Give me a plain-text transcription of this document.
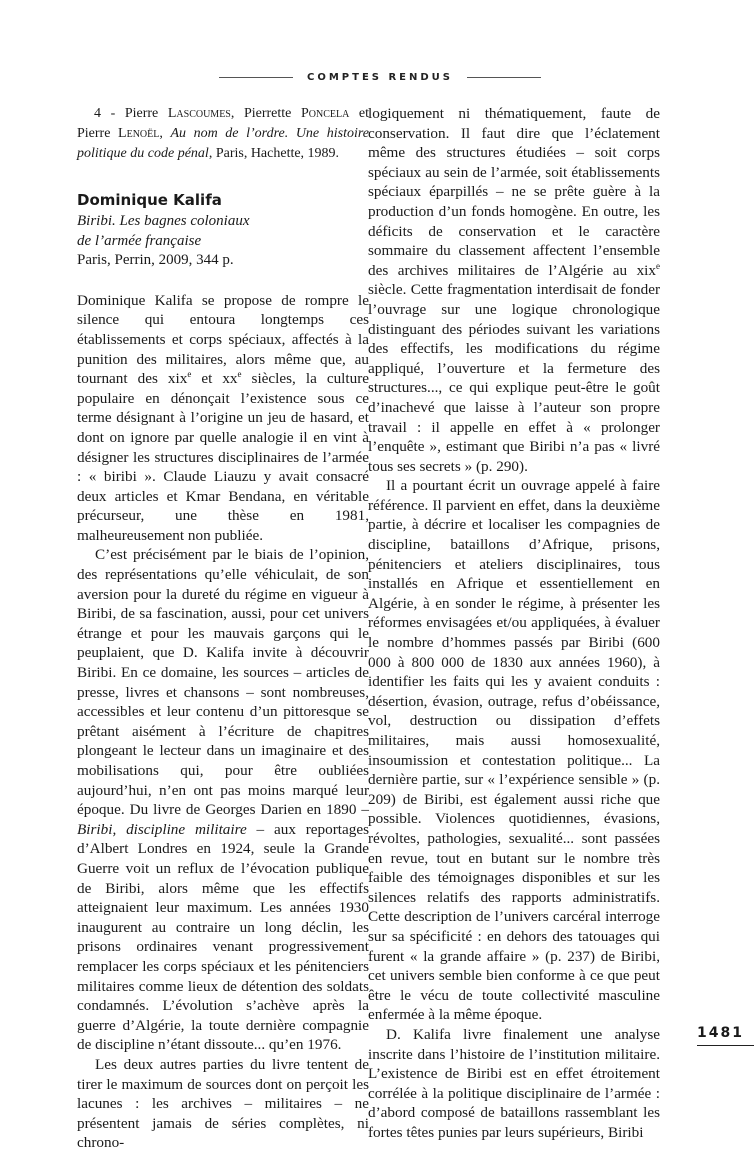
COMPTES RENDUS
4 - Pierre Lascoumes, Pierrette Poncela et Pierre Lenoël, Au nom de l’ordre. Une histoire politique du code pénal, Paris, Hachette, 1989.
Dominique Kalifa
Biribi. Les bagnes coloniaux
de l’armée française
Paris, Perrin, 2009, 344 p.

Dominique Kalifa se propose de rompre le silence qui entoura longtemps ces établissements et corps spéciaux, affectés à la punition des militaires, alors même que, au tournant des xix$^e$ et $xx^e$ siècles, la culture populaire en dénonçait l’existence sous ce terme désignant à l’origine un jeu de hasard, et dont on ignore par quelle analogie il en vint à désigner les structures disciplinaires de l’armée : « biribi ». Claude Liauzu y avait consacré deux articles et Kmar Bendana, en véritable précurseur, une thèse en 1981, malheureusement non publiée.

C’est précisément par le biais de l’opinion, des représentations qu’elle véhiculait, de son aversion pour la dureté du régime en vigueur à Biribi, de sa fascination, aussi, pour cet univers étrange et pour les mauvais garçons qui le peuplaient, que D. Kalifa invite à découvrir Biribi. En ce domaine, les sources – articles de presse, livres et chansons – sont nombreuses, accessibles et leur contenu d’un pittoresque se prêtant aisément à l’écriture de chapitres plongeant le lecteur dans un imaginaire et des mobilisations qui, pour être oubliées aujourd’hui, n’en ont pas moins marqué leur époque. Du livre de Georges Darien en 1890 – Biribi, discipline militaire – aux reportages d’Albert Londres en 1924, seule la Grande Guerre voit un reflux de l’évocation publique de Biribi, alors même que les effectifs atteignaient leur maximum. Les années 1930 inaugurent au contraire un long déclin, les prisons ordinaires venant progressivement remplacer les corps spéciaux et les pénitenciers militaires comme lieux de détention des soldats condamnés. L’évolution s’achève après la guerre d’Algérie, la toute dernière compagnie de discipline n’étant dissoute... qu’en 1976.

Les deux autres parties du livre tentent de tirer le maximum de sources dont on perçoit les lacunes : les archives – militaires – ne présentent jamais de séries complètes, ni chrono-

logiquement ni thématiquement, faute de conservation. Il faut dire que l’éclatement même des structures étudiées – soit corps spéciaux au sein de l’armée, soit établissements spéciaux éparpillés – ne se prête guère à la production d’un fonds homogène. En outre, les déficits de conservation et le caractère sommaire du classement affectent l’ensemble des archives militaires de l’Algérie au xix$^e$ siècle. Cette fragmentation interdisait de fonder l’ouvrage sur une logique chronologique distinguant des périodes suivant les variations des effectifs, les modifications du régime appliqué, l’ouverture et la fermeture des structures..., ce qui explique peut-être le goût d’inachevé que laisse à l’auteur son propre travail : il appelle en effet à « prolonger l’enquête », estimant que Biribi n’a pas « livré tous ses secrets » (p. 290).

Il a pourtant écrit un ouvrage appelé à faire référence. Il parvient en effet, dans la deuxième partie, à décrire et localiser les compagnies de discipline, bataillons d’Afrique, prisons, pénitenciers et ateliers disciplinaires, tous installés en Afrique et essentiellement en Algérie, à en sonder le régime, à présenter les réformes envisagées et/ou appliquées, à évaluer le nombre d’hommes passés par Biribi (600 000 à 800 000 de 1830 aux années 1960), à identifier les faits qui les y avaient conduits : désertion, évasion, outrage, refus d’obéissance, vol, destruction ou dissipation d’effets militaires, mais aussi homosexualité, insoumission et contestation politique... La dernière partie, sur « l’expérience sensible » (p. 209) de Biribi, est également aussi riche que possible. Violences quotidiennes, évasions, révoltes, pathologies, sexualité... sont passées en revue, tout en butant sur le nombre très faible des témoignages disponibles et sur les silences relatifs des rapports administratifs. Cette description de l’univers carcéral interroge sur sa spécificité : en dehors des tatouages qui furent « la grande affaire » (p. 237) de Biribi, cet univers semble bien conforme à ce que peut être le vécu de toute collectivité masculine enfermée à la même époque.

D. Kalifa livre finalement une analyse inscrite dans l’histoire de l’institution militaire. L’existence de Biribi est en effet étroitement corrélée à la politique disciplinaire de l’armée : d’abord composé de bataillons rassemblant les fortes têtes punies par leurs supérieurs, Biribi

1481
